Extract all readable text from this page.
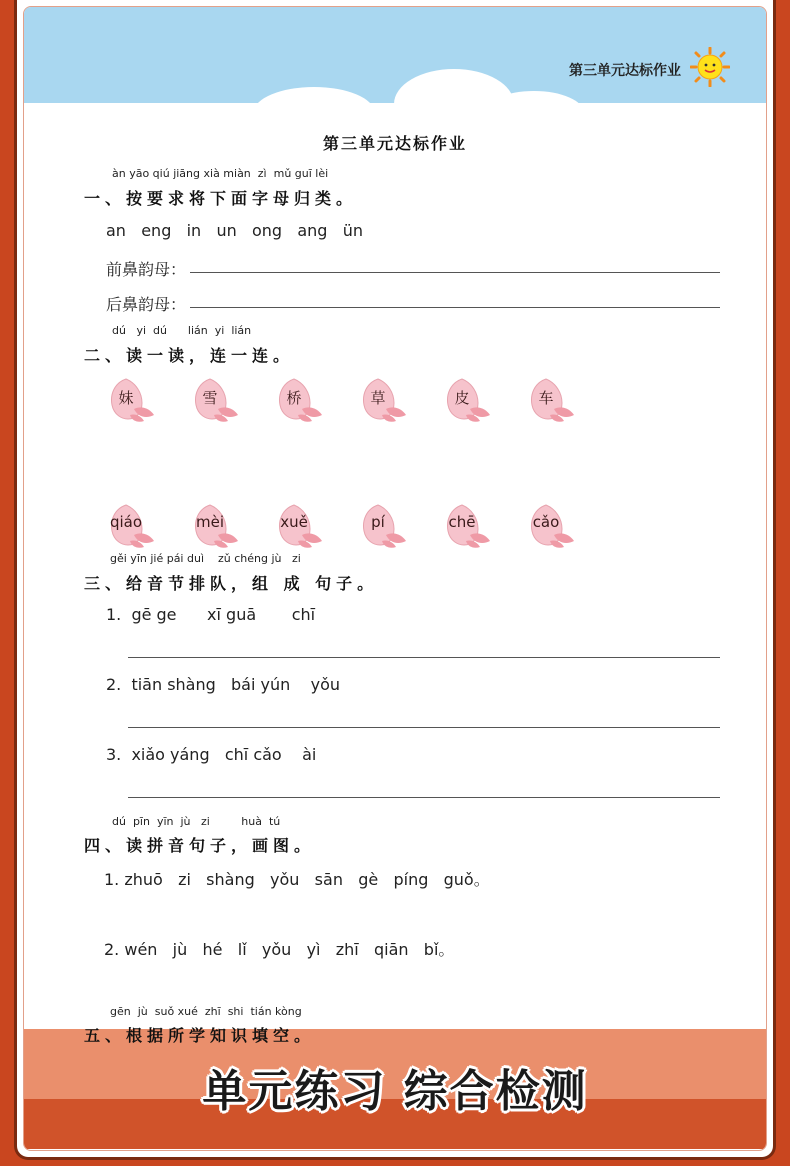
第三单元达标作业
第三单元达标作业
àn yāo qiú jiāng xià miàn  zì  mǔ guī lèi
一、按要求将下面字母归类。
an   eng   in   un   ong   ang   ün
前鼻韵母：
后鼻韵母：
dú   yi  dú      lián  yi  lián
二、读一读，连一连。
妹	雪	桥	草	皮	车
qiáo	mèi	xuě	pí	chē	cǎo
gěi yīn jié pái duì    zǔ chéng jù   zi
三、给音节排队，组 成 句子。
1.  gē ge      xī guā       chī
2.  tiān shàng   bái yún    yǒu
3.  xiǎo yáng   chī cǎo    ài
dú  pīn  yīn  jù   zi         huà  tú
四、读拼音句子，画图。
1. zhuō   zi   shàng   yǒu   sān   gè   píng   guǒ。
2. wén   jù   hé   lǐ   yǒu   yì   zhī   qiān   bǐ。
gēn  jù  suǒ xué  zhī  shi  tián kòng
五、根据所学知识填空。
单元练习 综合检测
